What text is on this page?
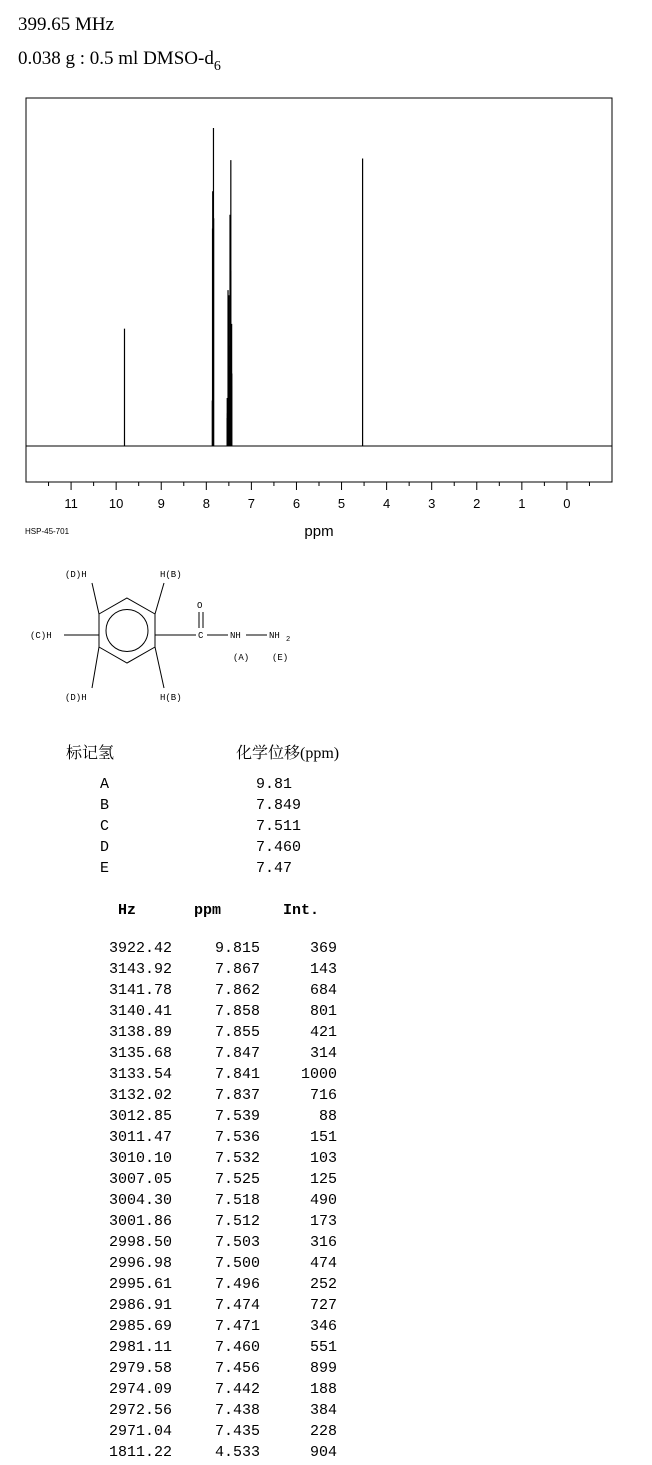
399.65 MHz
0.038 g : 0.5 ml DMSO-$d_6$
11 10	9	8	7	6	5	4	3	2	1	0
ppm
HSP-45-701
(D)H	H(B)
(C)H
(D)H	H(B)
O
C	NH	NH 2
(A)	(E)
标记氢	化学位移(ppm)
A	9.81
B	7.849
C	7.511
D	7.460
E	7.47
Hz	ppm	Int.
3922.42	9.815	369
3143.92	7.867	143
3141.78	7.862	684
3140.41	7.858	801
3138.89	7.855	421
3135.68	7.847	314
3133.54	7.841	1000
3132.02	7.837	716
3012.85	7.539	88
3011.47	7.536	151
3010.10	7.532	103
3007.05	7.525	125
3004.30	7.518	490
3001.86	7.512	173
2998.50	7.503	316
2996.98	7.500	474
2995.61	7.496	252
2986.91	7.474	727
2985.69	7.471	346
2981.11	7.460	551
2979.58	7.456	899
2974.09	7.442	188
2972.56	7.438	384
2971.04	7.435	228
1811.22	4.533	904
